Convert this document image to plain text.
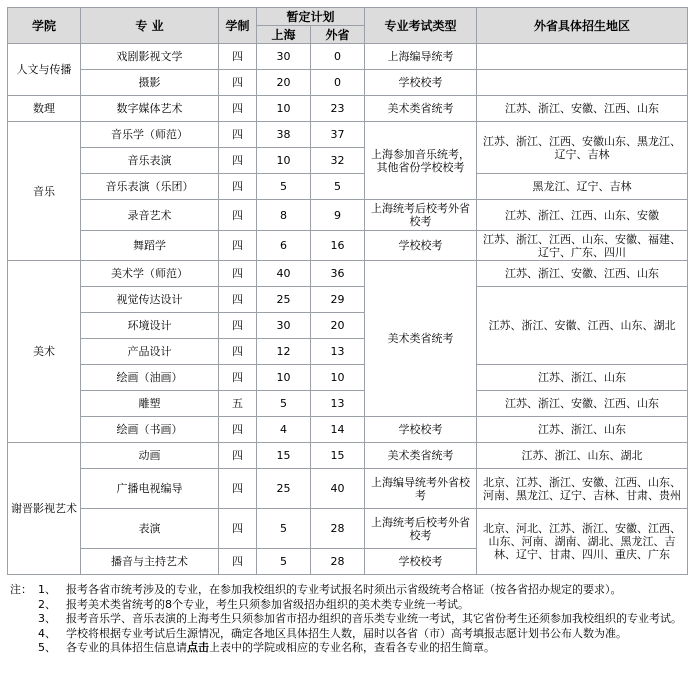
学院	专 业	学制	暂定计划		专业考试类型	外省具体招生地区
			上海	外省		
人文与传播	戏剧影视文学	四	30	0	上海编导统考	
	摄影	四	20	0	学校校考	
数理	数字媒体艺术	四	10	23	美术类省统考	江苏、浙江、安徽、江西、山东
音乐	音乐学（师范）	四	38	37	上海参加音乐统考，其他省份学校校考	江苏、浙江、江西、安徽山东、黑龙江、辽宁、吉林
	音乐表演	四	10	32		
	音乐表演（乐团）	四	5	5		黑龙江、辽宁、吉林
	录音艺术	四	8	9	上海统考后校考外省校考	江苏、浙江、江西、山东、安徽
	舞蹈学	四	6	16	学校校考	江苏、浙江、江西、山东、安徽、福建、辽宁、广东、四川
美术	美术学（师范）	四	40	36	美术类省统考	江苏、浙江、安徽、江西、山东
	视觉传达设计	四	25	29		江苏、浙江、安徽、江西、山东、湖北
	环境设计	四	30	20		
	产品设计	四	12	13		
	绘画（油画）	四	10	10		江苏、浙江、山东
	雕塑	五	5	13		江苏、浙江、安徽、江西、山东
	绘画（书画）	四	4	14	学校校考	江苏、浙江、山东
谢晋影视艺术	动画	四	15	15	美术类省统考	江苏、浙江、山东、湖北
	广播电视编导	四	25	40	上海编导统考外省校考	北京、江苏、浙江、安徽、江西、山东、河南、黑龙江、辽宁、吉林、甘肃、贵州
	表演	四	5	28	上海统考后校考外省校考	北京、河北、江苏、浙江、安徽、江西、山东、河南、湖南、湖北、黑龙江、吉林、辽宁、甘肃、四川、重庆、广东
	播音与主持艺术	四	5	28	学校校考	
注： 1、 报考各省市统考涉及的专业，在参加我校组织的专业考试报名时须出示省级统考合格证（按各省招办规定的要求）。
2、 报考美术类省统考的8个专业，考生只须参加省级招办组织的美术类专业统一考试。
3、 报考音乐学、音乐表演的上海考生只须参加省市招办组织的音乐类专业统一考试，其它省份考生还须参加我校组织的专业考试。
4、 学校将根据专业考试后生源情况，确定各地区具体招生人数，届时以各省（市）高考填报志愿计划书公布人数为准。
5、 各专业的具体招生信息请点击上表中的学院或相应的专业名称，查看各专业的招生简章。
